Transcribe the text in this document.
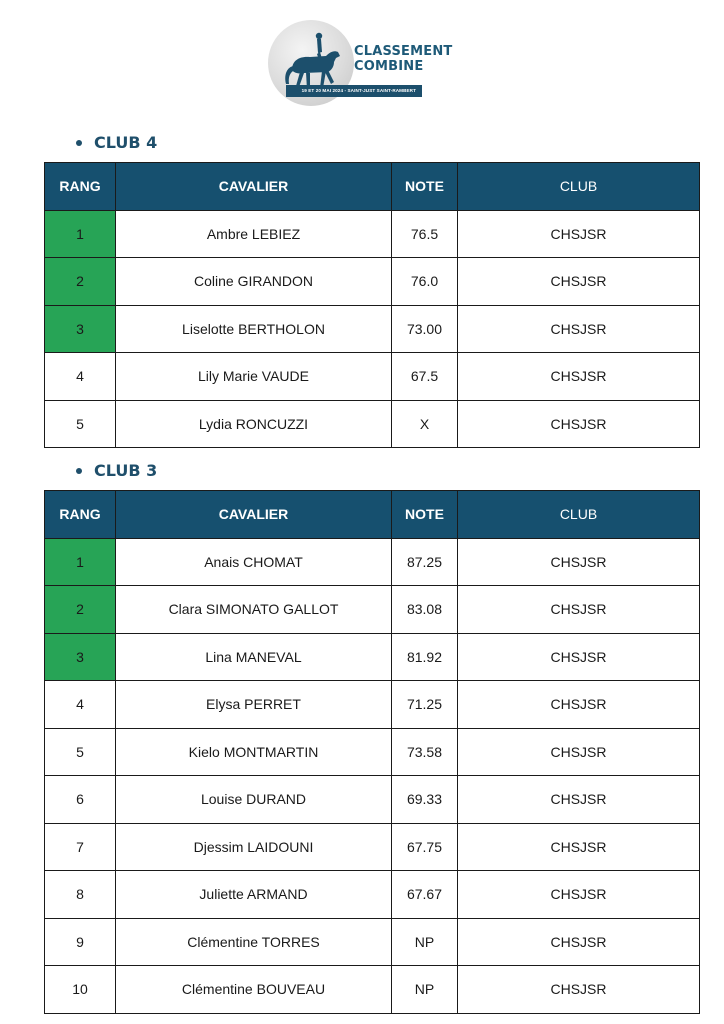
CLASSEMENT
COMBINE
19 ET 20 MAI 2024 - SAINT-JUST SAINT-RAMBERT
CLUB 4
RANG	CAVALIER	NOTE	CLUB
1	Ambre LEBIEZ	76.5	CHSJSR
2	Coline GIRANDON	76.0	CHSJSR
3	Liselotte BERTHOLON	73.00	CHSJSR
4	Lily Marie VAUDE	67.5	CHSJSR
5	Lydia RONCUZZI	X	CHSJSR
CLUB 3
RANG	CAVALIER	NOTE	CLUB
1	Anais CHOMAT	87.25	CHSJSR
2	Clara SIMONATO GALLOT	83.08	CHSJSR
3	Lina MANEVAL	81.92	CHSJSR
4	Elysa PERRET	71.25	CHSJSR
5	Kielo MONTMARTIN	73.58	CHSJSR
6	Louise DURAND	69.33	CHSJSR
7	Djessim LAIDOUNI	67.75	CHSJSR
8	Juliette ARMAND	67.67	CHSJSR
9	Clémentine TORRES	NP	CHSJSR
10	Clémentine BOUVEAU	NP	CHSJSR
